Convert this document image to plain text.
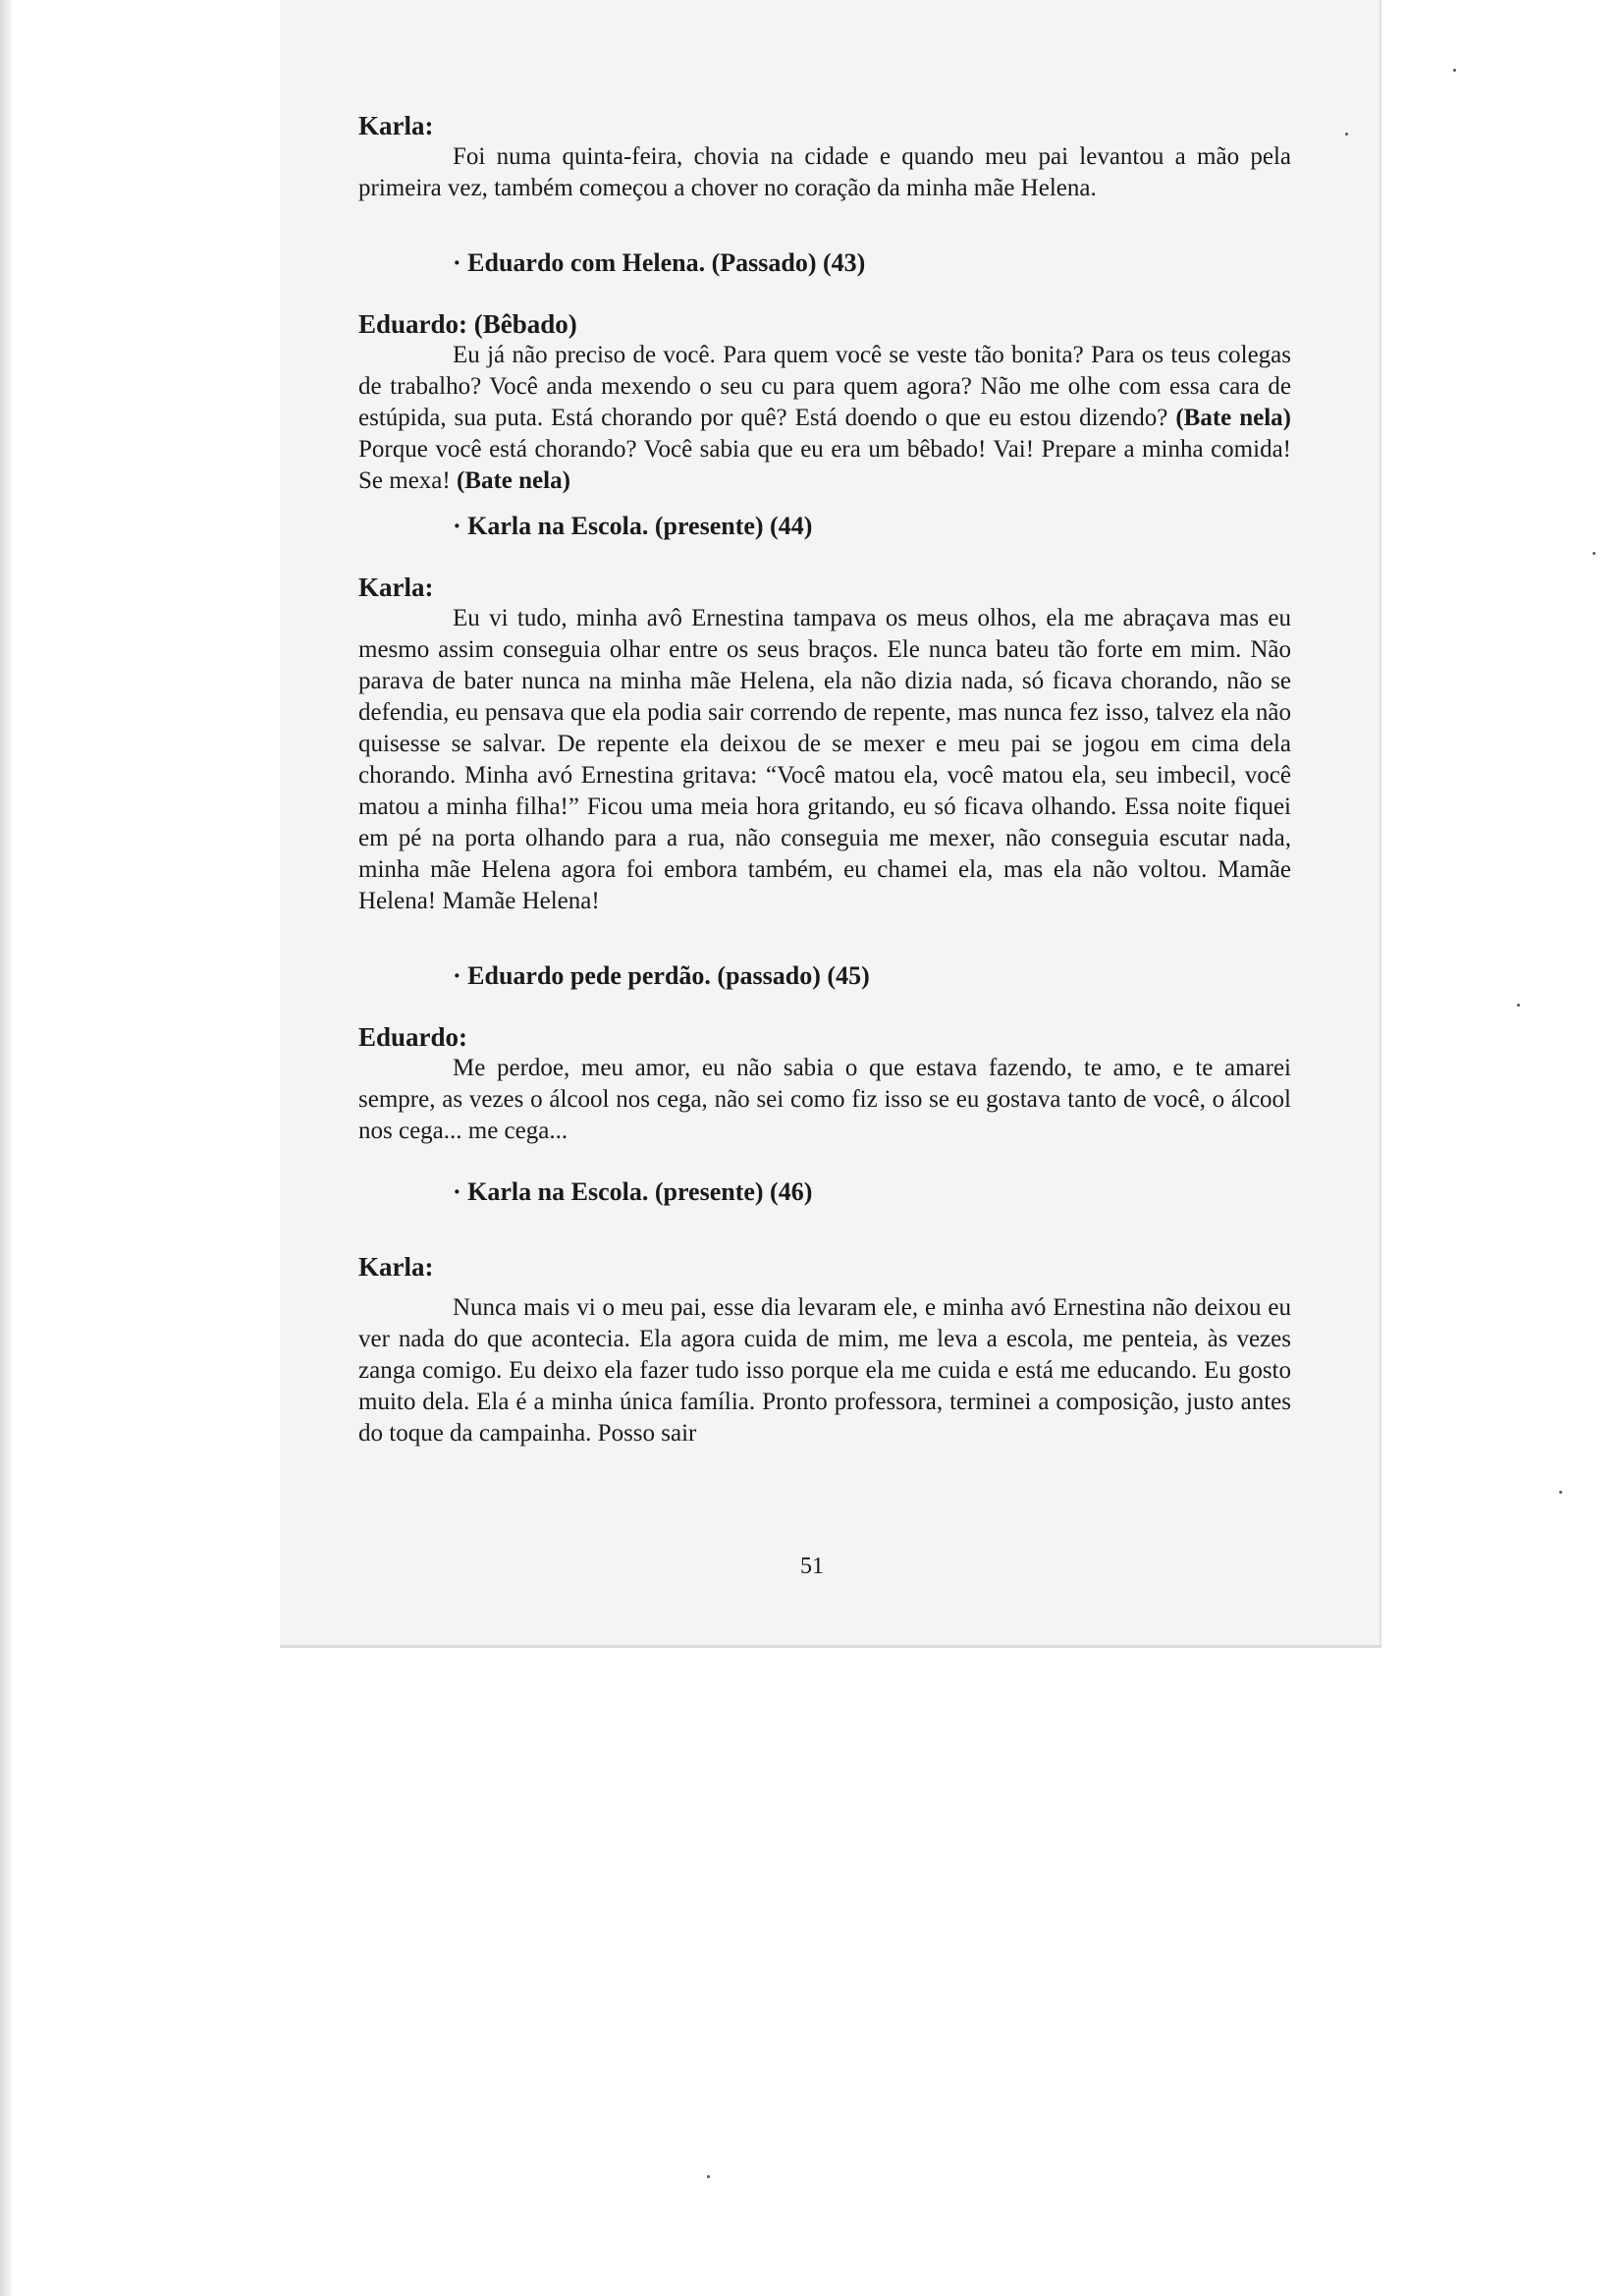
Karla:

Foi numa quinta-feira, chovia na cidade e quando meu pai levantou a mão pela primeira vez, também começou a chover no coração da minha mãe Helena.

· Eduardo com Helena. (Passado) (43)

Eduardo: (Bêbado)

Eu já não preciso de você. Para quem você se veste tão bonita? Para os teus colegas de trabalho? Você anda mexendo o seu cu para quem agora? Não me olhe com essa cara de estúpida, sua puta. Está chorando por quê? Está doendo o que eu estou dizendo? (Bate nela) Porque você está chorando? Você sabia que eu era um bêbado! Vai! Prepare a minha comida! Se mexa! (Bate nela)

· Karla na Escola. (presente) (44)

Karla:

Eu vi tudo, minha avô Ernestina tampava os meus olhos, ela me abraçava mas eu mesmo assim conseguia olhar entre os seus braços. Ele nunca bateu tão forte em mim. Não parava de bater nunca na minha mãe Helena, ela não dizia nada, só ficava chorando, não se defendia, eu pensava que ela podia sair correndo de repente, mas nunca fez isso, talvez ela não quisesse se salvar. De repente ela deixou de se mexer e meu pai se jogou em cima dela chorando. Minha avó Ernestina gritava: “Você matou ela, você matou ela, seu imbecil, você matou a minha filha!” Ficou uma meia hora gritando, eu só ficava olhando. Essa noite fiquei em pé na porta olhando para a rua, não conseguia me mexer, não conseguia escutar nada, minha mãe Helena agora foi embora também, eu chamei ela, mas ela não voltou. Mamãe Helena! Mamãe Helena!

· Eduardo pede perdão. (passado) (45)

Eduardo:

Me perdoe, meu amor, eu não sabia o que estava fazendo, te amo, e te amarei sempre, as vezes o álcool nos cega, não sei como fiz isso se eu gostava tanto de você, o álcool nos cega... me cega...

· Karla na Escola. (presente) (46)

Karla:

Nunca mais vi o meu pai, esse dia levaram ele, e minha avó Ernestina não deixou eu ver nada do que acontecia. Ela agora cuida de mim, me leva a escola, me penteia, às vezes zanga comigo. Eu deixo ela fazer tudo isso porque ela me cuida e está me educando. Eu gosto muito dela. Ela é a minha única família. Pronto professora, terminei a composição, justo antes do toque da campainha. Posso sair

51
